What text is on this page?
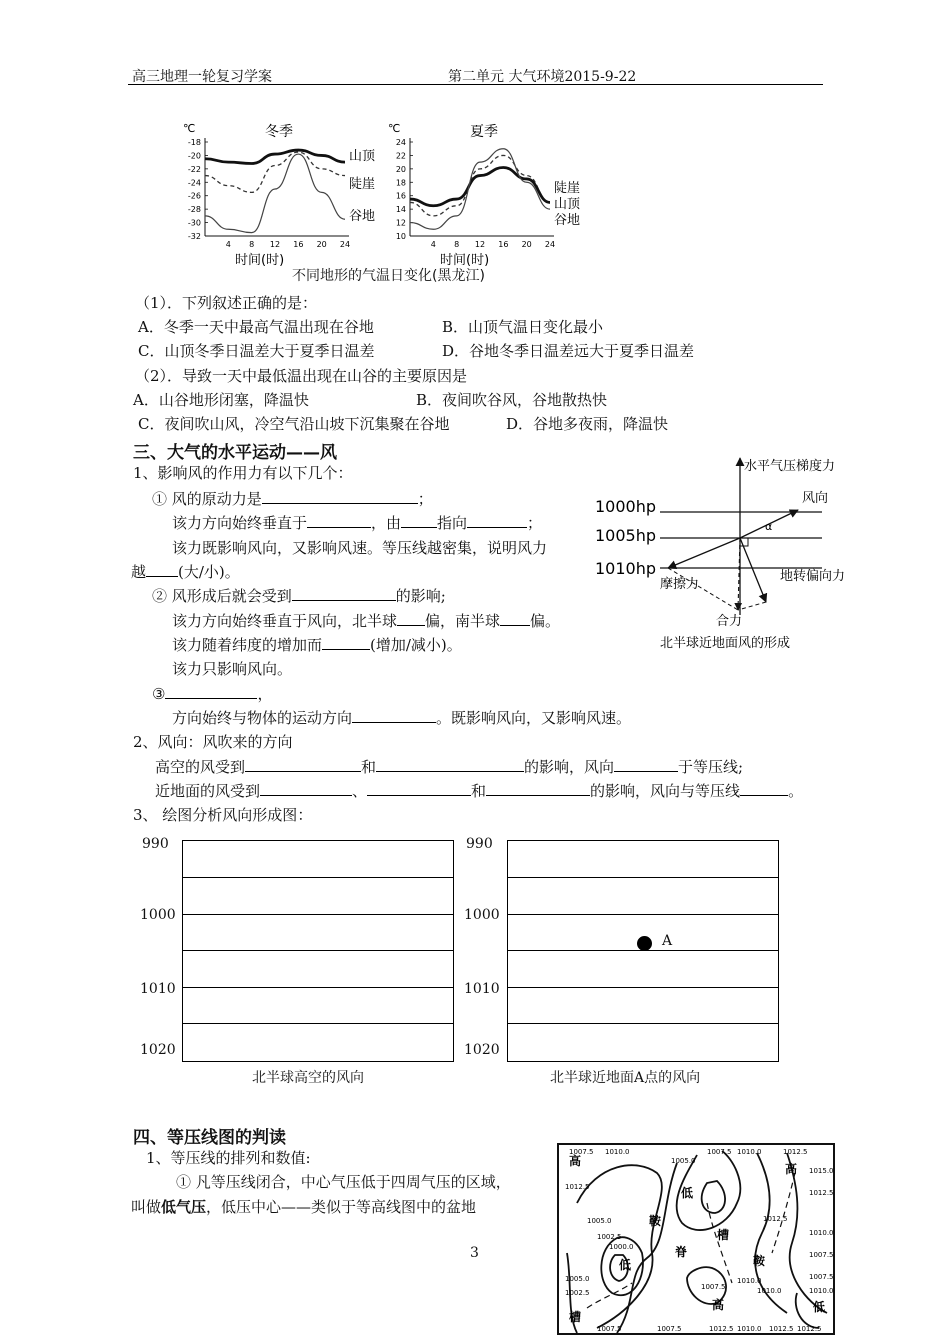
高三地理一轮复习学案	第二单元 大气环境2015-9-22
℃	冬季
-18
-20
-22
-24
-26
-28
-30
-32
4 8 12 16 20 24
山顶
陡崖
谷地
时间(时)
℃	夏季
24
22
20
18
16
14
12
10
4 8 12 16 20 24
陡崖
山顶
谷地
时间(时)
不同地形的气温日变化(黑龙江)
（1）．下列叙述正确的是：
A．冬季一天中最高气温出现在谷地	B．山顶气温日变化最小
C．山顶冬季日温差大于夏季日温差	D．谷地冬季日温差远大于夏季日温差
（2）．导致一天中最低温出现在山谷的主要原因是
A．山谷地形闭塞，降温快	B．夜间吹谷风，谷地散热快
C．夜间吹山风，冷空气沿山坡下沉集聚在谷地	D．谷地多夜雨，降温快
三、大气的水平运动——风
1、影响风的作用力有以下几个：
① 风的原动力是	；
该力方向始终垂直于	，由 指向	；
该力既影响风向，又影响风速。等压线越密集，说明风力
越 (大/小)。
② 风形成后就会受到	的影响;
该力方向始终垂直于风向，北半球 偏，南半球 偏。
该力随着纬度的增加而	(增加/减小)。
该力只影响风向。
③	，
方向始终与物体的运动方向	。既影响风向，又影响风速。
2、风向：风吹来的方向
高空的风受到	和	的影响，风向	于等压线;
近地面的风受到	、	和	的影响，风向与等压线	。
3、 绘图分析风向形成图：
1000hp
1005hp
1010hp
水平气压梯度力
风向
摩擦力
地转偏向力
α
合力
北半球近地面风的形成
990
1000
1010
1020
北半球高空的风向
990
1000
1010
1020
A
北半球近地面A点的风向
四、等压线图的判读
1、等压线的排列和数值:
① 凡等压线闭合，中心气压低于四周气压的区域，
叫做低气压，低压中心——类似于等高线图中的盆地
高
高
高
低
低
低
鞍
鞍
槽
槽
脊
1007.5 1010.0
1012.5
1005.0
1007.5 1010.0	1012.5
1015.0
1012.5
1010.0
1007.5
1005.0
1000.0
1002.5
1007.5
1010.0
1012.5 1010.0 1012.5 1012.5
1007.5
1010.0
1007.5
1002.5
1005.0
1007.5
1010.0
1012.5
3
